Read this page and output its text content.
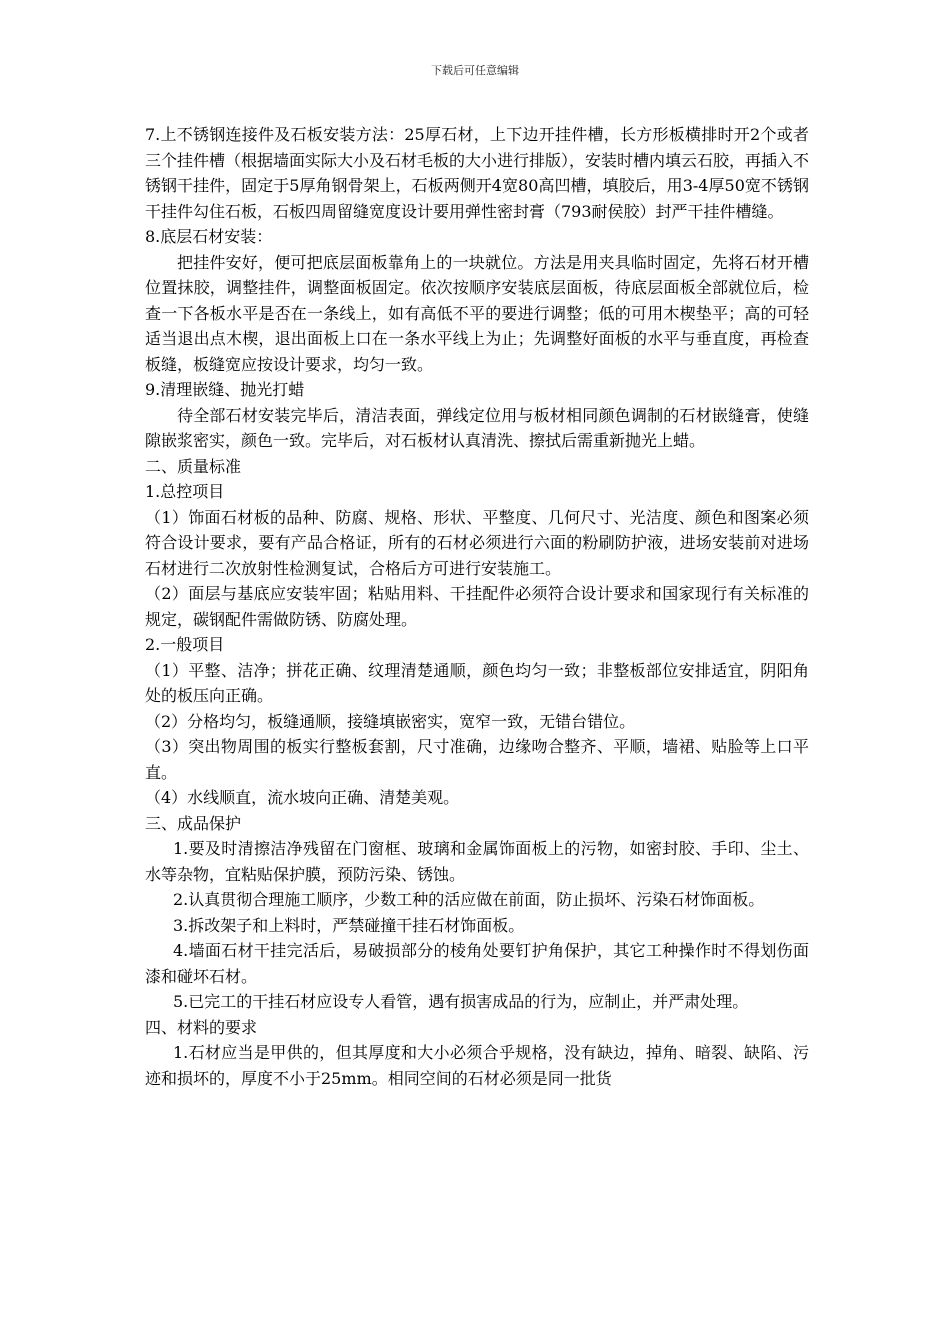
下载后可任意编辑

7.上不锈钢连接件及石板安装方法：25厚石材，上下边开挂件槽，长方形板横排时开2个或者三个挂件槽（根据墙面实际大小及石材毛板的大小进行排版），安装时槽内填云石胶，再插入不锈钢干挂件，固定于5厚角钢骨架上，石板两侧开4宽80高凹槽，填胶后，用3-4厚50宽不锈钢干挂件勾住石板，石板四周留缝宽度设计要用弹性密封膏（793耐侯胶）封严干挂件槽缝。

8.底层石材安装：

把挂件安好，便可把底层面板靠角上的一块就位。方法是用夹具临时固定，先将石材开槽位置抹胶，调整挂件，调整面板固定。依次按顺序安装底层面板，待底层面板全部就位后，检查一下各板水平是否在一条线上，如有高低不平的要进行调整；低的可用木楔垫平；高的可轻适当退出点木楔，退出面板上口在一条水平线上为止；先调整好面板的水平与垂直度，再检查板缝，板缝宽应按设计要求，均匀一致。

9.清理嵌缝、抛光打蜡

待全部石材安装完毕后，清洁表面，弹线定位用与板材相同颜色调制的石材嵌缝膏，使缝隙嵌浆密实，颜色一致。完毕后，对石板材认真清洗、擦拭后需重新抛光上蜡。

二、质量标准

1.总控项目

（1）饰面石材板的品种、防腐、规格、形状、平整度、几何尺寸、光洁度、颜色和图案必须符合设计要求，要有产品合格证，所有的石材必须进行六面的粉刷防护液，进场安装前对进场石材进行二次放射性检测复试，合格后方可进行安装施工。

（2）面层与基底应安装牢固；粘贴用料、干挂配件必须符合设计要求和国家现行有关标准的规定，碳钢配件需做防锈、防腐处理。

2.一般项目

（1）平整、洁净；拼花正确、纹理清楚通顺，颜色均匀一致；非整板部位安排适宜，阴阳角处的板压向正确。

（2）分格均匀，板缝通顺，接缝填嵌密实，宽窄一致，无错台错位。

（3）突出物周围的板实行整板套割，尺寸准确，边缘吻合整齐、平顺，墙裙、贴脸等上口平直。

（4）水线顺直，流水坡向正确、清楚美观。

三、成品保护

1.要及时清擦洁净残留在门窗框、玻璃和金属饰面板上的污物，如密封胶、手印、尘土、水等杂物，宜粘贴保护膜，预防污染、锈蚀。

2.认真贯彻合理施工顺序，少数工种的活应做在前面，防止损坏、污染石材饰面板。

3.拆改架子和上料时，严禁碰撞干挂石材饰面板。

4.墙面石材干挂完活后，易破损部分的棱角处要钉护角保护，其它工种操作时不得划伤面漆和碰坏石材。

5.已完工的干挂石材应设专人看管，遇有损害成品的行为，应制止，并严肃处理。

四、材料的要求

1.石材应当是甲供的，但其厚度和大小必须合乎规格，没有缺边，掉角、暗裂、缺陷、污迹和损坏的，厚度不小于25mm。相同空间的石材必须是同一批货
